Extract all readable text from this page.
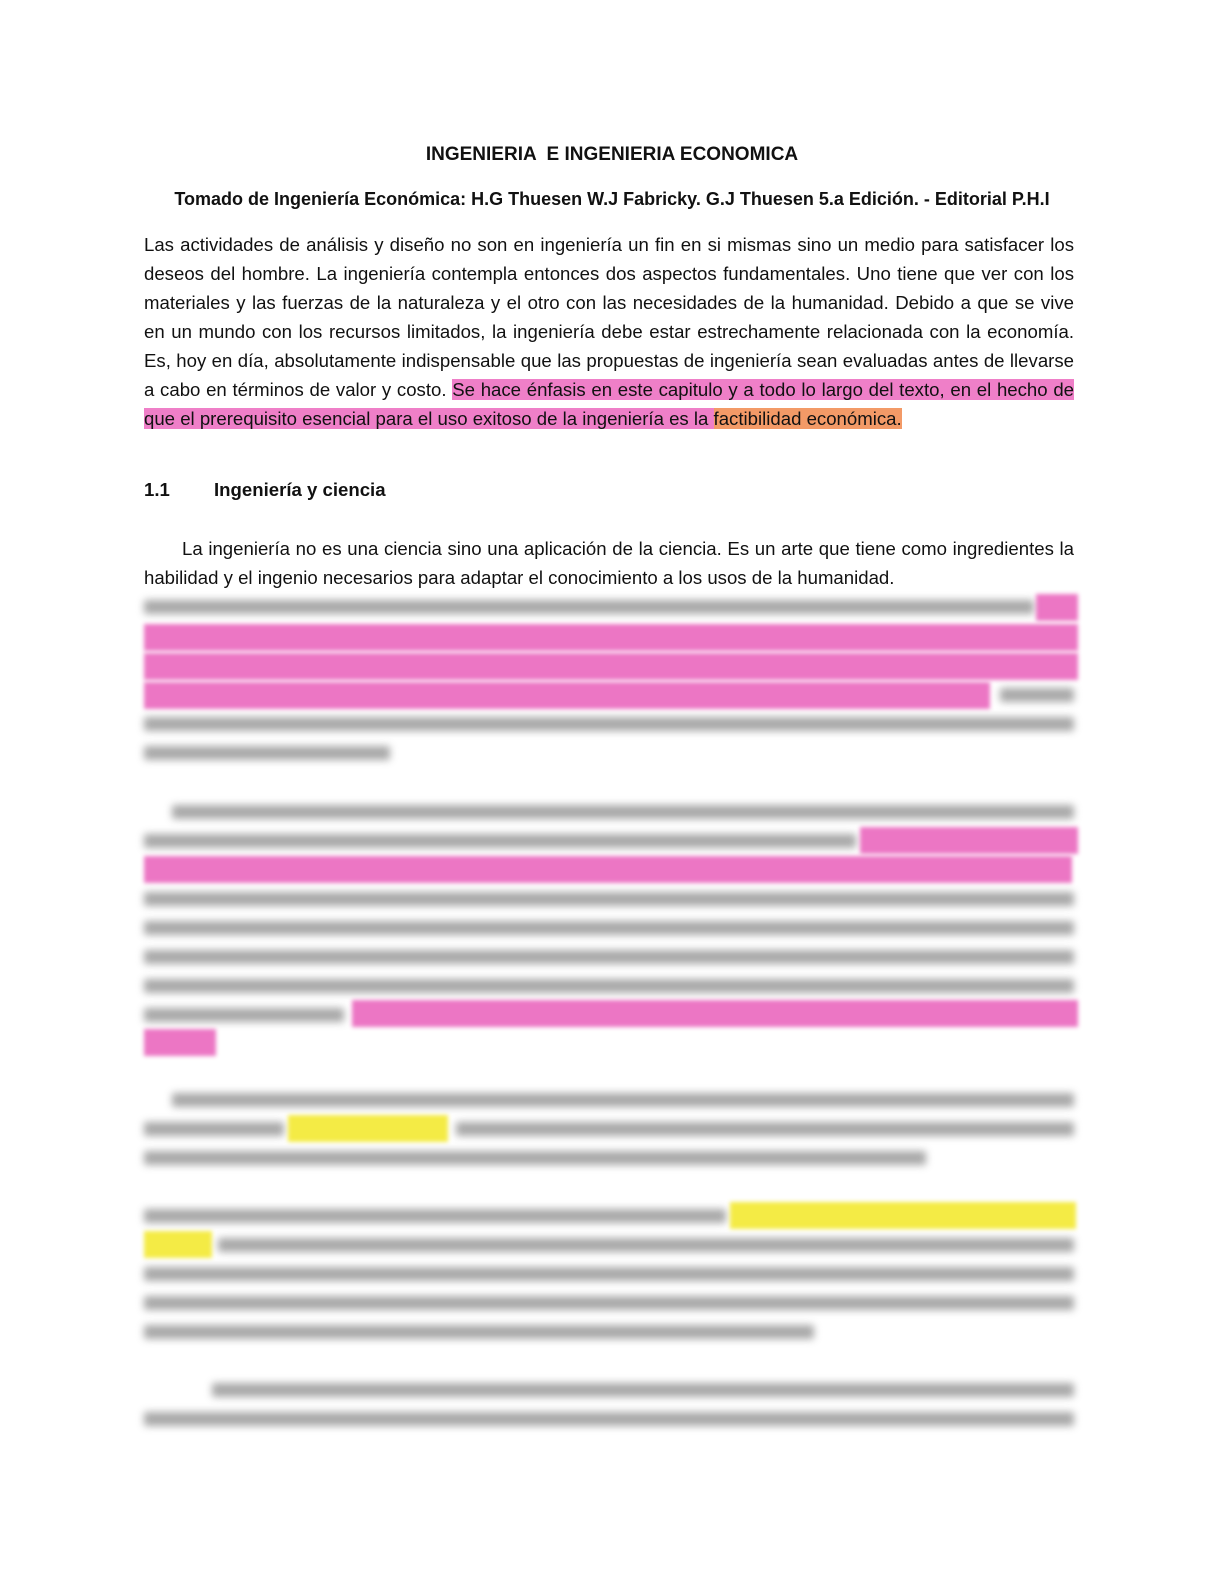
INGENIERIA  E INGENIERIA ECONOMICA
Tomado de Ingeniería Económica: H.G Thuesen W.J Fabricky. G.J Thuesen 5.a Edición. - Editorial P.H.I
Las actividades de análisis y diseño no son en ingeniería un fin en si mismas sino un medio para satisfacer los deseos del hombre. La ingeniería contempla entonces dos aspectos fundamentales. Uno tiene que ver con los materiales y las fuerzas de la naturaleza y el otro con las necesidades de la humanidad. Debido a que se vive en un mundo con los recursos limitados, la ingeniería debe estar estrechamente relacionada con la economía. Es, hoy en día, absolutamente indispensable que las propuestas de ingeniería sean evaluadas antes de llevarse a cabo en términos de valor y costo. Se hace énfasis en este capitulo y a todo lo largo del texto, en el hecho de que el prerequisito esencial para el uso exitoso de la ingeniería es la factibilidad económica.
1.1 Ingeniería y ciencia
La ingeniería no es una ciencia sino una aplicación de la ciencia. Es un arte que tiene como ingredientes la habilidad y el ingenio necesarios para adaptar el conocimiento a los usos de la humanidad.
